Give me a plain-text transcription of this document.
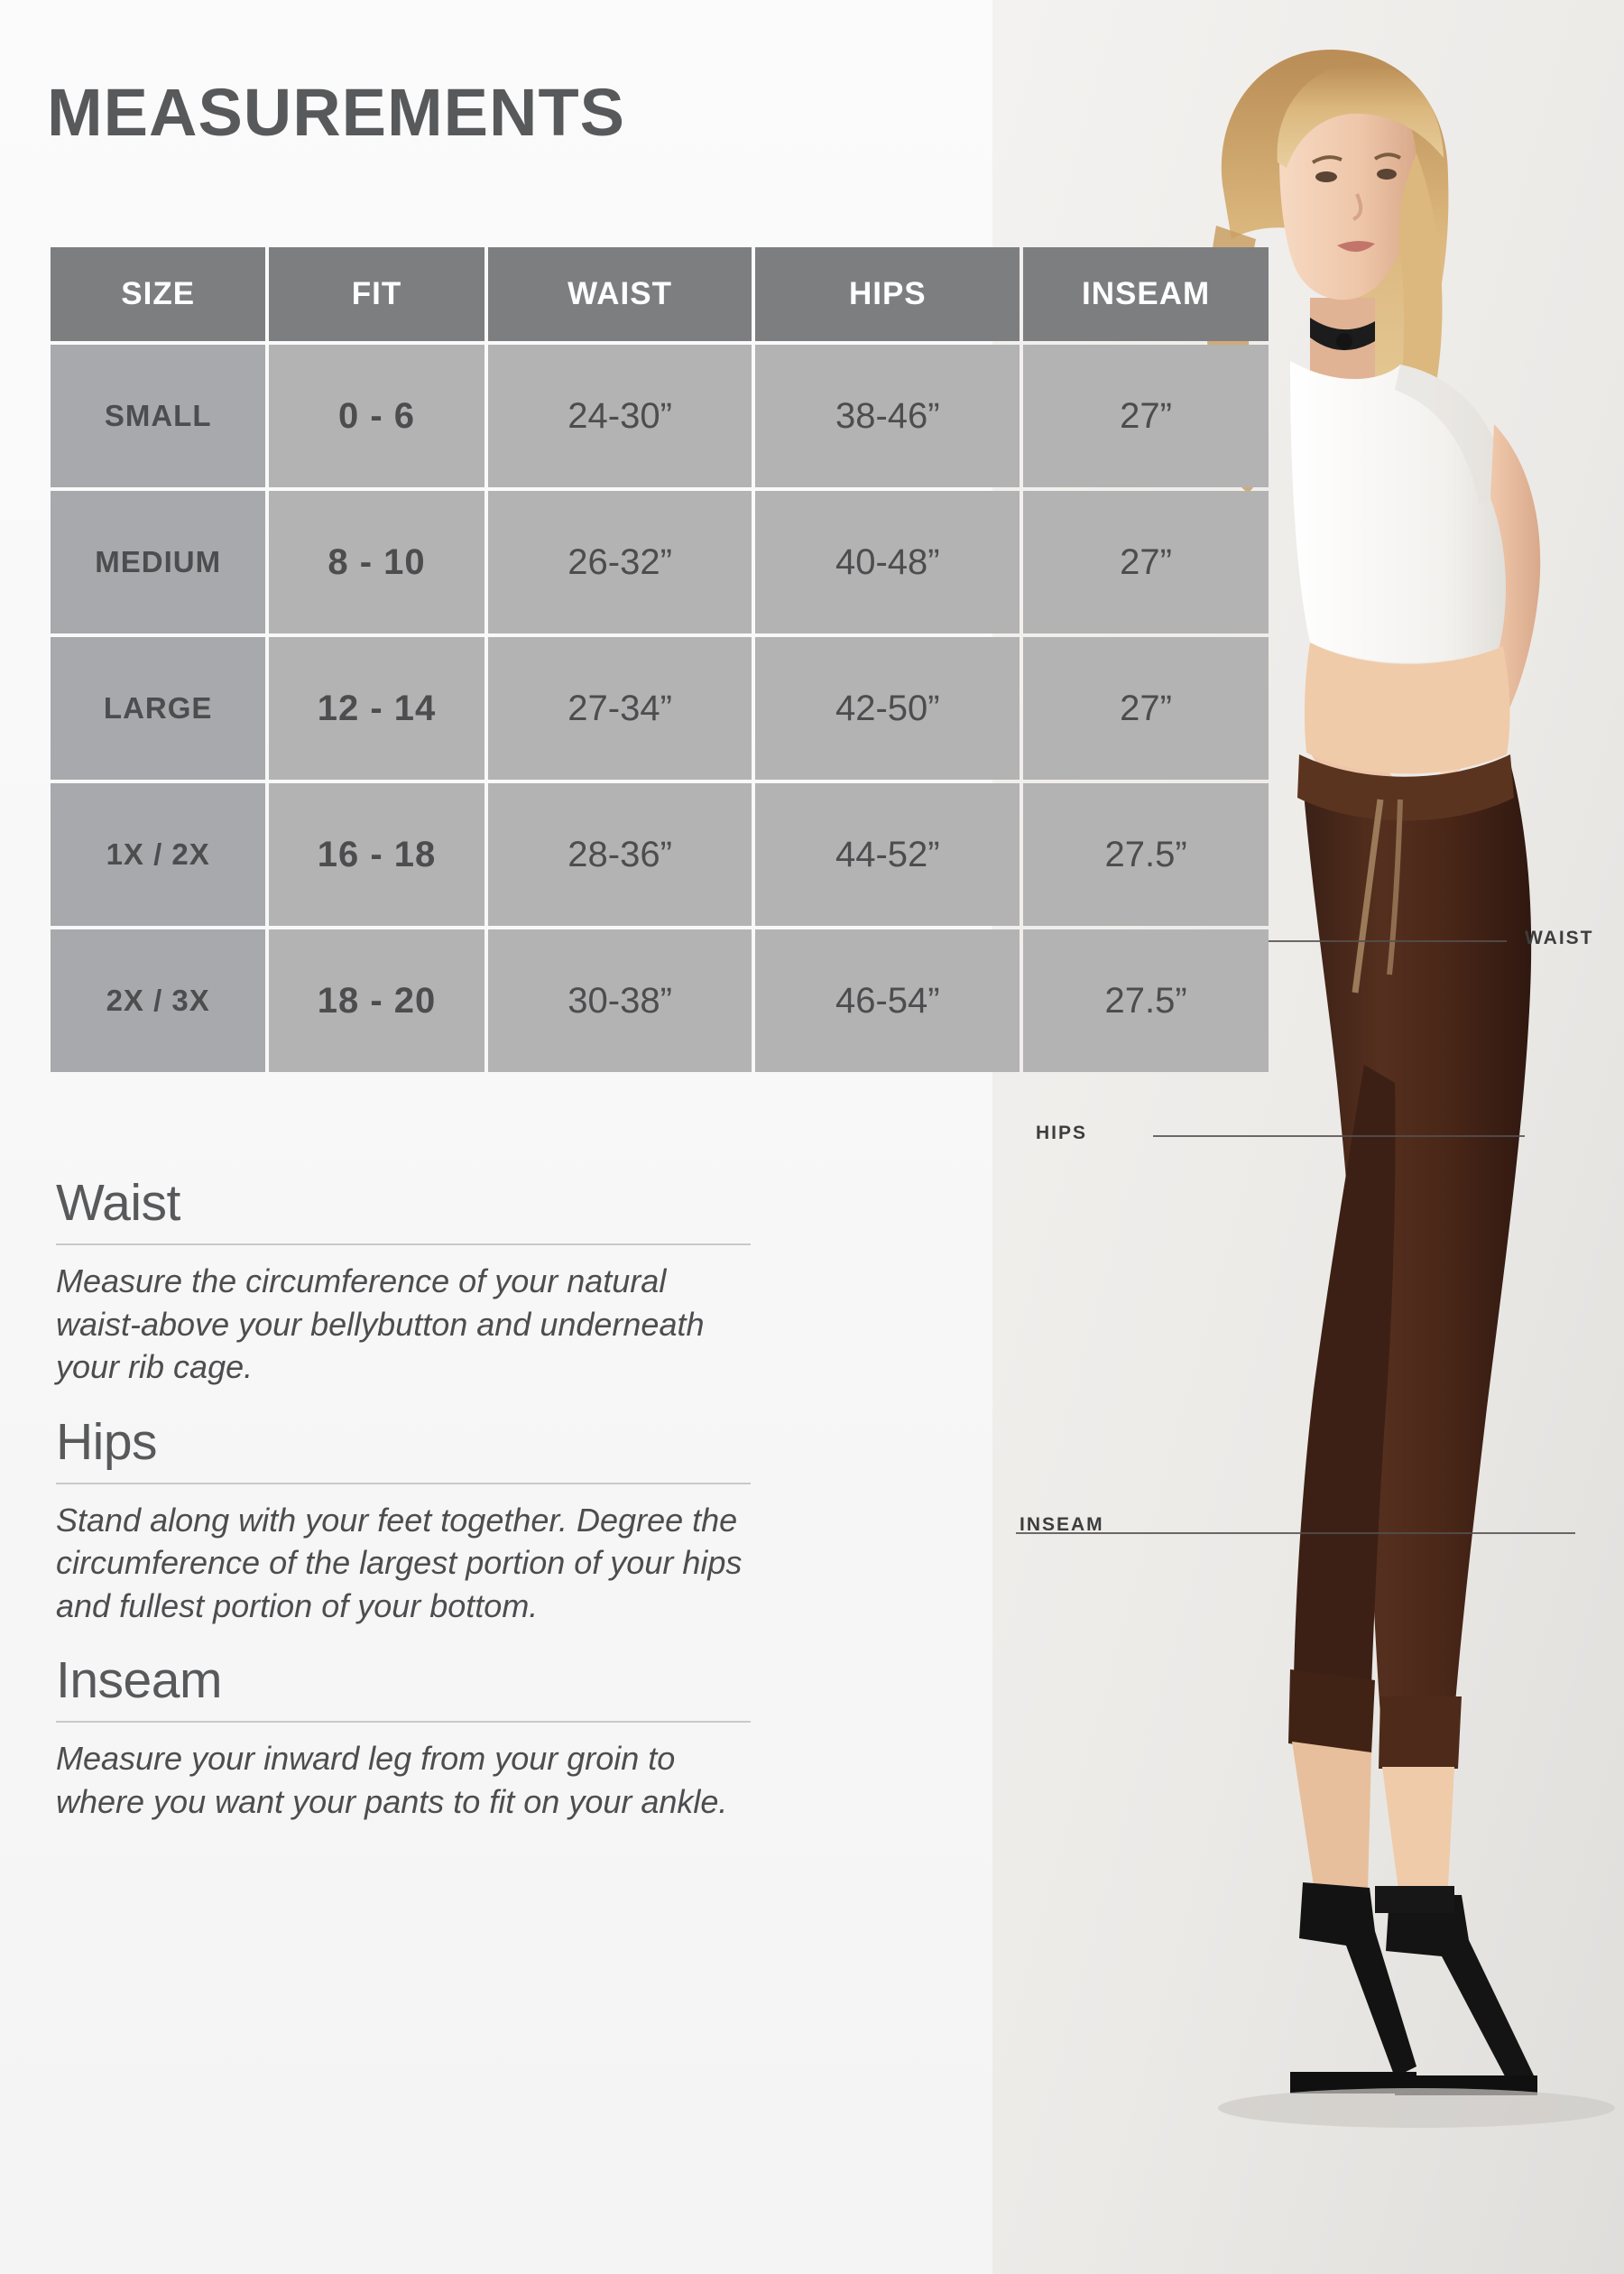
WAIST
HIPS
INSEAM
MEASUREMENTS
SIZE	FIT	WAIST	HIPS	INSEAM
SMALL	0 - 6	24-30”	38-46”	27”
MEDIUM	8 - 10	26-32”	40-48”	27”
LARGE	12 - 14	27-34”	42-50”	27”
1X / 2X	16 - 18	28-36”	44-52”	27.5”
2X / 3X	18 - 20	30-38”	46-54”	27.5”
Waist
Measure the circumference of your natural waist-above your bellybutton and underneath your rib cage.
Hips
Stand along with your feet together. Degree the circumference of the largest portion of your hips and fullest portion of your bottom.
Inseam
Measure your inward leg from your groin to where you want your pants to fit on your ankle.
